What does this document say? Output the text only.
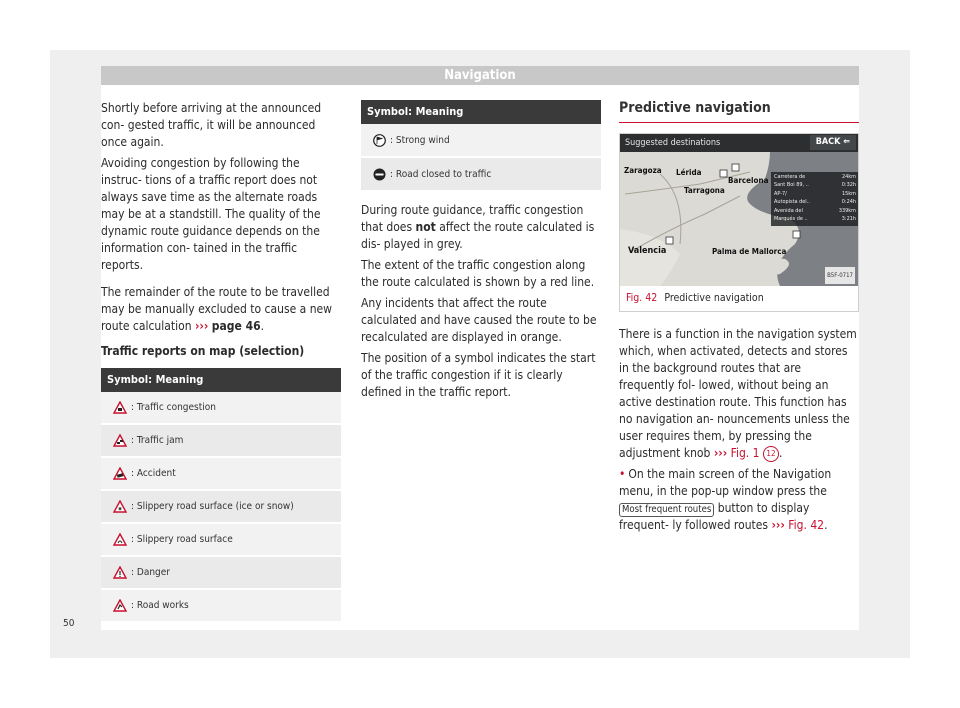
Navigation

Shortly before arriving at the announced con- gested traffic, it will be announced once again.

Avoiding congestion by following the instruc- tions of a traffic report does not always save time as the alternate roads may be at a standstill. The quality of the dynamic route guidance depends on the information con- tained in the traffic reports.

The remainder of the route to be travelled may be manually excluded to cause a new route calculation ››› page 46.

Traffic reports on map (selection)
Symbol: Meaning
: Traffic congestion
: Traffic jam
: Accident
✱ : Slippery road surface (ice or snow)
: Slippery road surface
: Danger
: Road works
Symbol: Meaning
: Strong wind
: Road closed to traffic

During route guidance, traffic congestion that does not affect the route calculated is dis- played in grey.

The extent of the traffic congestion along the route calculated is shown by a red line.

Any incidents that affect the route calculated and have caused the route to be recalculated are displayed in orange.

The position of a symbol indicates the start of the traffic congestion if it is clearly defined in the traffic report.

Predictive navigation
Suggested destinations	BACK ⇐
Zaragoza Lérida
Barcelona
Tarragona
Valencia	Palma de Mallorca
Carretera de	24km
Sant Boi 89, ..	0:32h
AP-7/	15km
Autopista del..	0:24h
Avenida del	339km
Marqués de ..	3:21h
B5F-0717
Fig. 42 Predictive navigation

There is a function in the navigation system which, when activated, detects and stores in the background routes that are frequently fol- lowed, without being an active destination route. This function has no navigation an- nouncements unless the user requires them, by pressing the adjustment knob ››› Fig. 1 12 .

• On the main screen of the Navigation menu, in the pop-up window press the Most frequent routes button to display frequent- ly followed routes ››› Fig. 42.

50
